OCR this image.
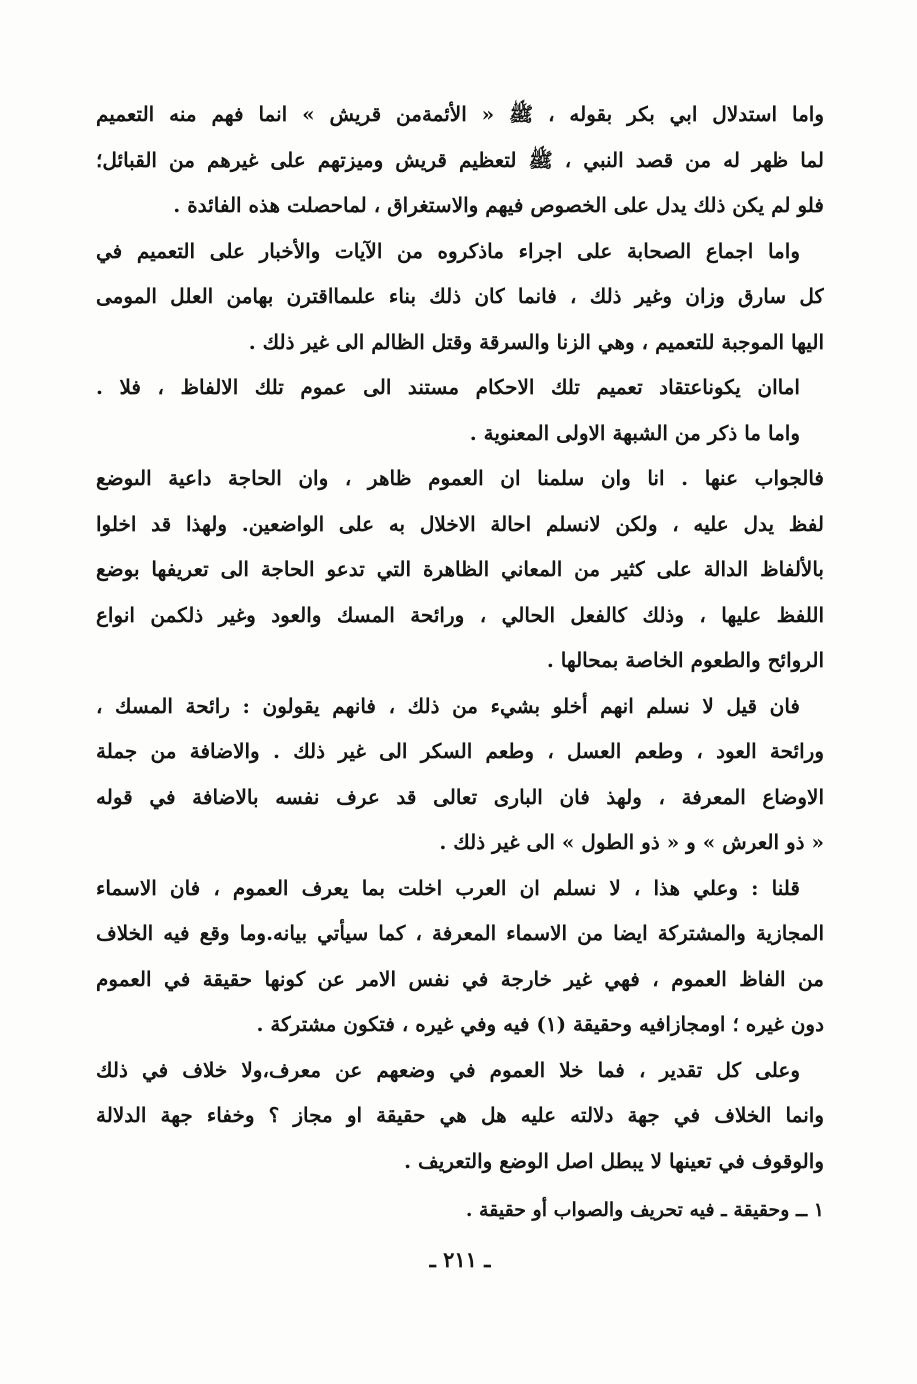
واما استدلال ابي بكر بقوله ، ﷺ « الأئمةمن قريش » انما فهم منه التعميم
لما ظهر له من قصد النبي ، ﷺ لتعظيم قريش وميزتهم على غيرهم من القبائل؛
فلو لم يكن ذلك يدل على الخصوص فيهم والاستغراق ، لماحصلت هذه الفائدة .
واما اجماع الصحابة على اجراء ماذكروه من الآيات والأخبار على التعميم في
كل سارق وزان وغير ذلك ، فانما كان ذلك بناء علىمااقترن بهامن العلل المومى
اليها الموجبة للتعميم ، وهي الزنا والسرقة وقتل الظالم الى غير ذلك .
اماان يكوناعتقاد تعميم تلك الاحكام مستند الى عموم تلك الالفاظ ، فلا .
واما ما ذكر من الشبهة الاولى المعنوية .
فالجواب عنها . انا وان سلمنا ان العموم ظاهر ، وان الحاجة داعية الىوضع
لفظ يدل عليه ، ولكن لانسلم احالة الاخلال به على الواضعين. ولهذا قد اخلوا
بالألفاظ الدالة على كثير من المعاني الظاهرة التي تدعو الحاجة الى تعريفها بوضع
اللفظ عليها ، وذلك كالفعل الحالي ، ورائحة المسك والعود وغير ذلكمن انواع
الروائح والطعوم الخاصة بمحالها .
فان قيل لا نسلم انهم أخلو بشيء من ذلك ، فانهم يقولون : رائحة المسك ،
ورائحة العود ، وطعم العسل ، وطعم السكر الى غير ذلك . والاضافة من جملة
الاوضاع المعرفة ، ولهذ فان البارى تعالى قد عرف نفسه بالاضافة في قوله
« ذو العرش » و « ذو الطول » الى غير ذلك .
قلنا : وعلي هذا ، لا نسلم ان العرب اخلت بما يعرف العموم ، فان الاسماء
المجازية والمشتركة ايضا من الاسماء المعرفة ، كما سيأتي بيانه.وما وقع فيه الخلاف
من الفاظ العموم ، فهي غير خارجة في نفس الامر عن كونها حقيقة في العموم
دون غيره ؛ اومجازافيه وحقيقة (١) فيه وفي غيره ، فتكون مشتركة .
وعلى كل تقدير ، فما خلا العموم في وضعهم عن معرف،ولا خلاف في ذلك
وانما الخلاف في جهة دلالته عليه هل هي حقيقة او مجاز ؟ وخفاء جهة الدلالة
والوقوف في تعينها لا يبطل اصل الوضع والتعريف .
١ ــ وحقيقة ـ فيه تحريف والصواب أو حقيقة .
ـ ٢١١ ـ
